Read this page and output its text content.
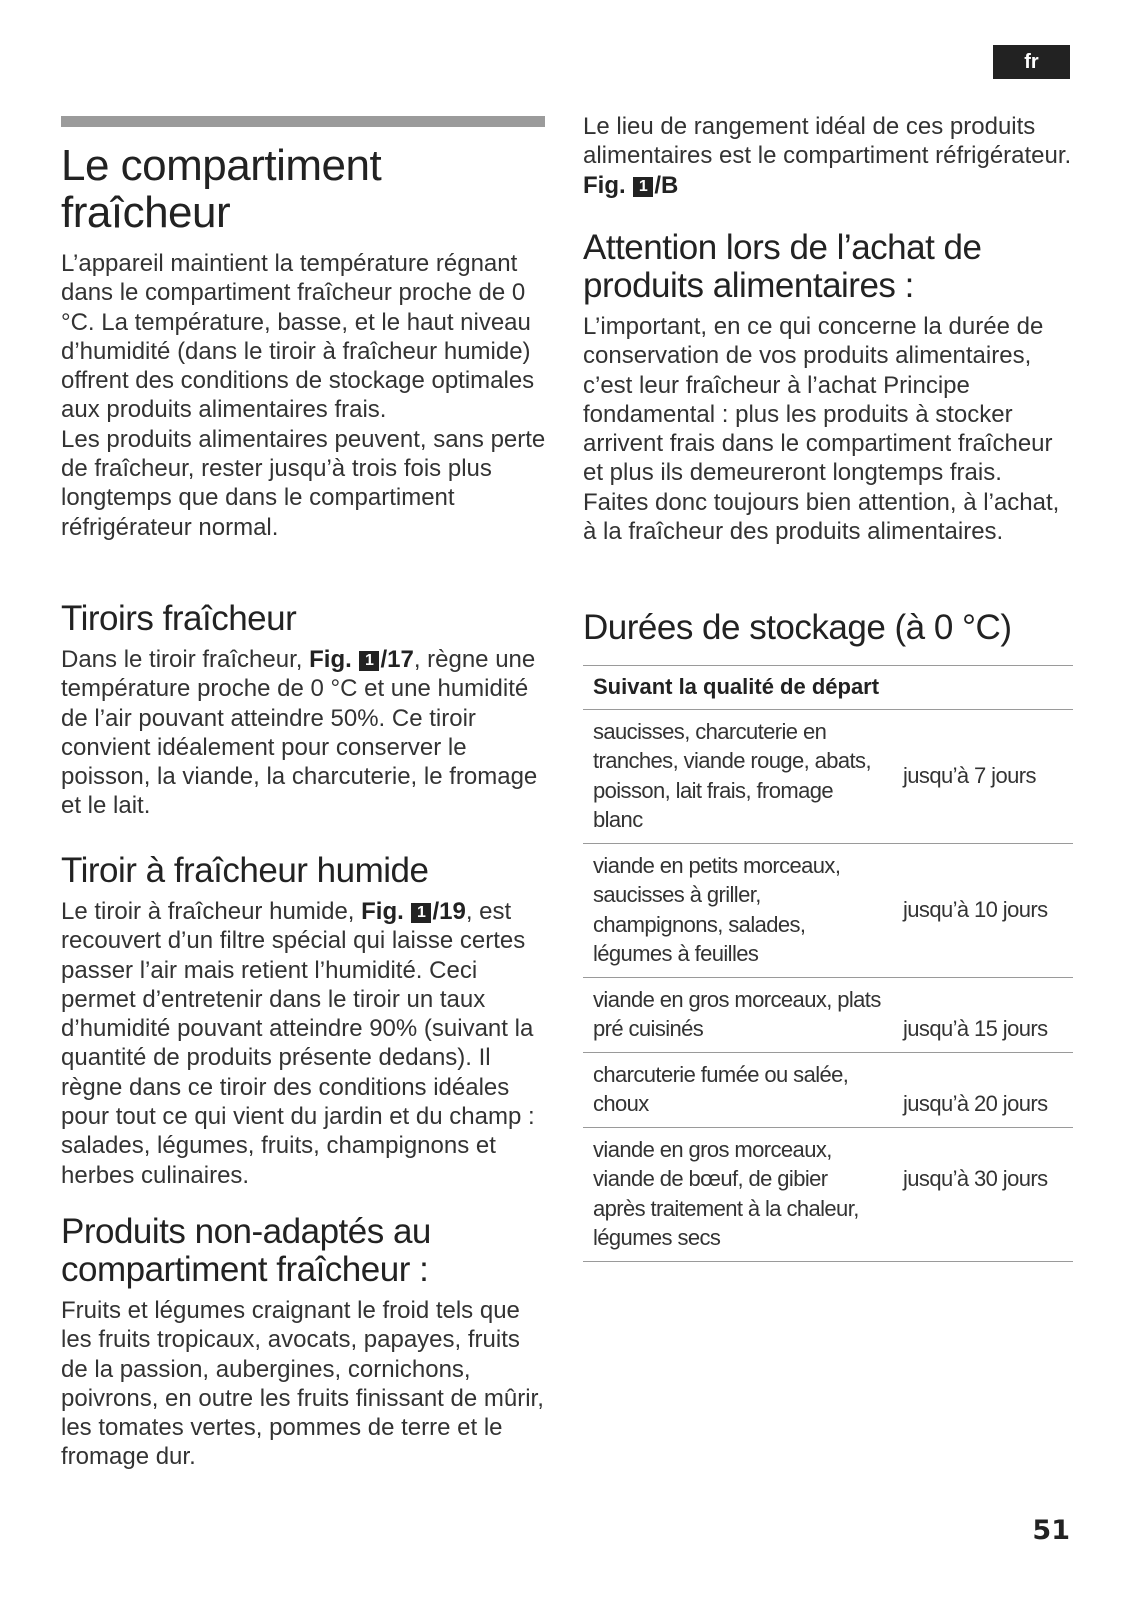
fr
Le compartiment fraîcheur

L’appareil maintient la température régnant dans le compartiment fraîcheur proche de 0 °C. La température, basse, et le haut niveau d’humidité (dans le tiroir à fraîcheur humide) offrent des conditions de stockage optimales aux produits alimentaires frais.

Les produits alimentaires peuvent, sans perte de fraîcheur, rester jusqu’à trois fois plus longtemps que dans le compartiment réfrigérateur normal.

Tiroirs fraîcheur

Dans le tiroir fraîcheur, Fig. 1 /17, règne une température proche de 0 °C et une humidité de l’air pouvant atteindre 50%. Ce tiroir convient idéalement pour conserver le poisson, la viande, la charcuterie, le fromage et le lait.

Tiroir à fraîcheur humide

Le tiroir à fraîcheur humide, Fig. 1 /19, est recouvert d’un filtre spécial qui laisse certes passer l’air mais retient l’humidité. Ceci permet d’entretenir dans le tiroir un taux d’humidité pouvant atteindre 90% (suivant la quantité de produits présente dedans). Il règne dans ce tiroir des conditions idéales pour tout ce qui vient du jardin et du champ : salades, légumes, fruits, champignons et herbes culinaires.

Produits non-adaptés au compartiment fraîcheur :

Fruits et légumes craignant le froid tels que les fruits tropicaux, avocats, papayes, fruits de la passion, aubergines, cornichons, poivrons, en outre les fruits finissant de mûrir, les tomates vertes, pommes de terre et le fromage dur.

Le lieu de rangement idéal de ces produits alimentaires est le compartiment réfrigérateur. Fig. 1 /B

Attention lors de l’achat de produits alimentaires :

L’important, en ce qui concerne la durée de conservation de vos produits alimentaires, c’est leur fraîcheur à l’achat Principe fondamental : plus les produits à stocker arrivent frais dans le compartiment fraîcheur et plus ils demeureront longtemps frais. Faites donc toujours bien attention, à l’achat, à la fraîcheur des produits alimentaires.

Durées de stockage (à 0 °C)
Suivant la qualité de départ	
saucisses, charcuterie en tranches, viande rouge, abats, poisson, lait frais, fromage blanc	jusqu’à 7 jours
viande en petits morceaux, saucisses à griller, champignons, salades, légumes à feuilles	jusqu’à 10 jours
viande en gros morceaux, plats pré cuisinés	jusqu’à 15 jours
charcuterie fumée ou salée, choux	jusqu’à 20 jours
viande en gros morceaux, viande de bœuf, de gibier après traitement à la chaleur, légumes secs	jusqu’à 30 jours
51
